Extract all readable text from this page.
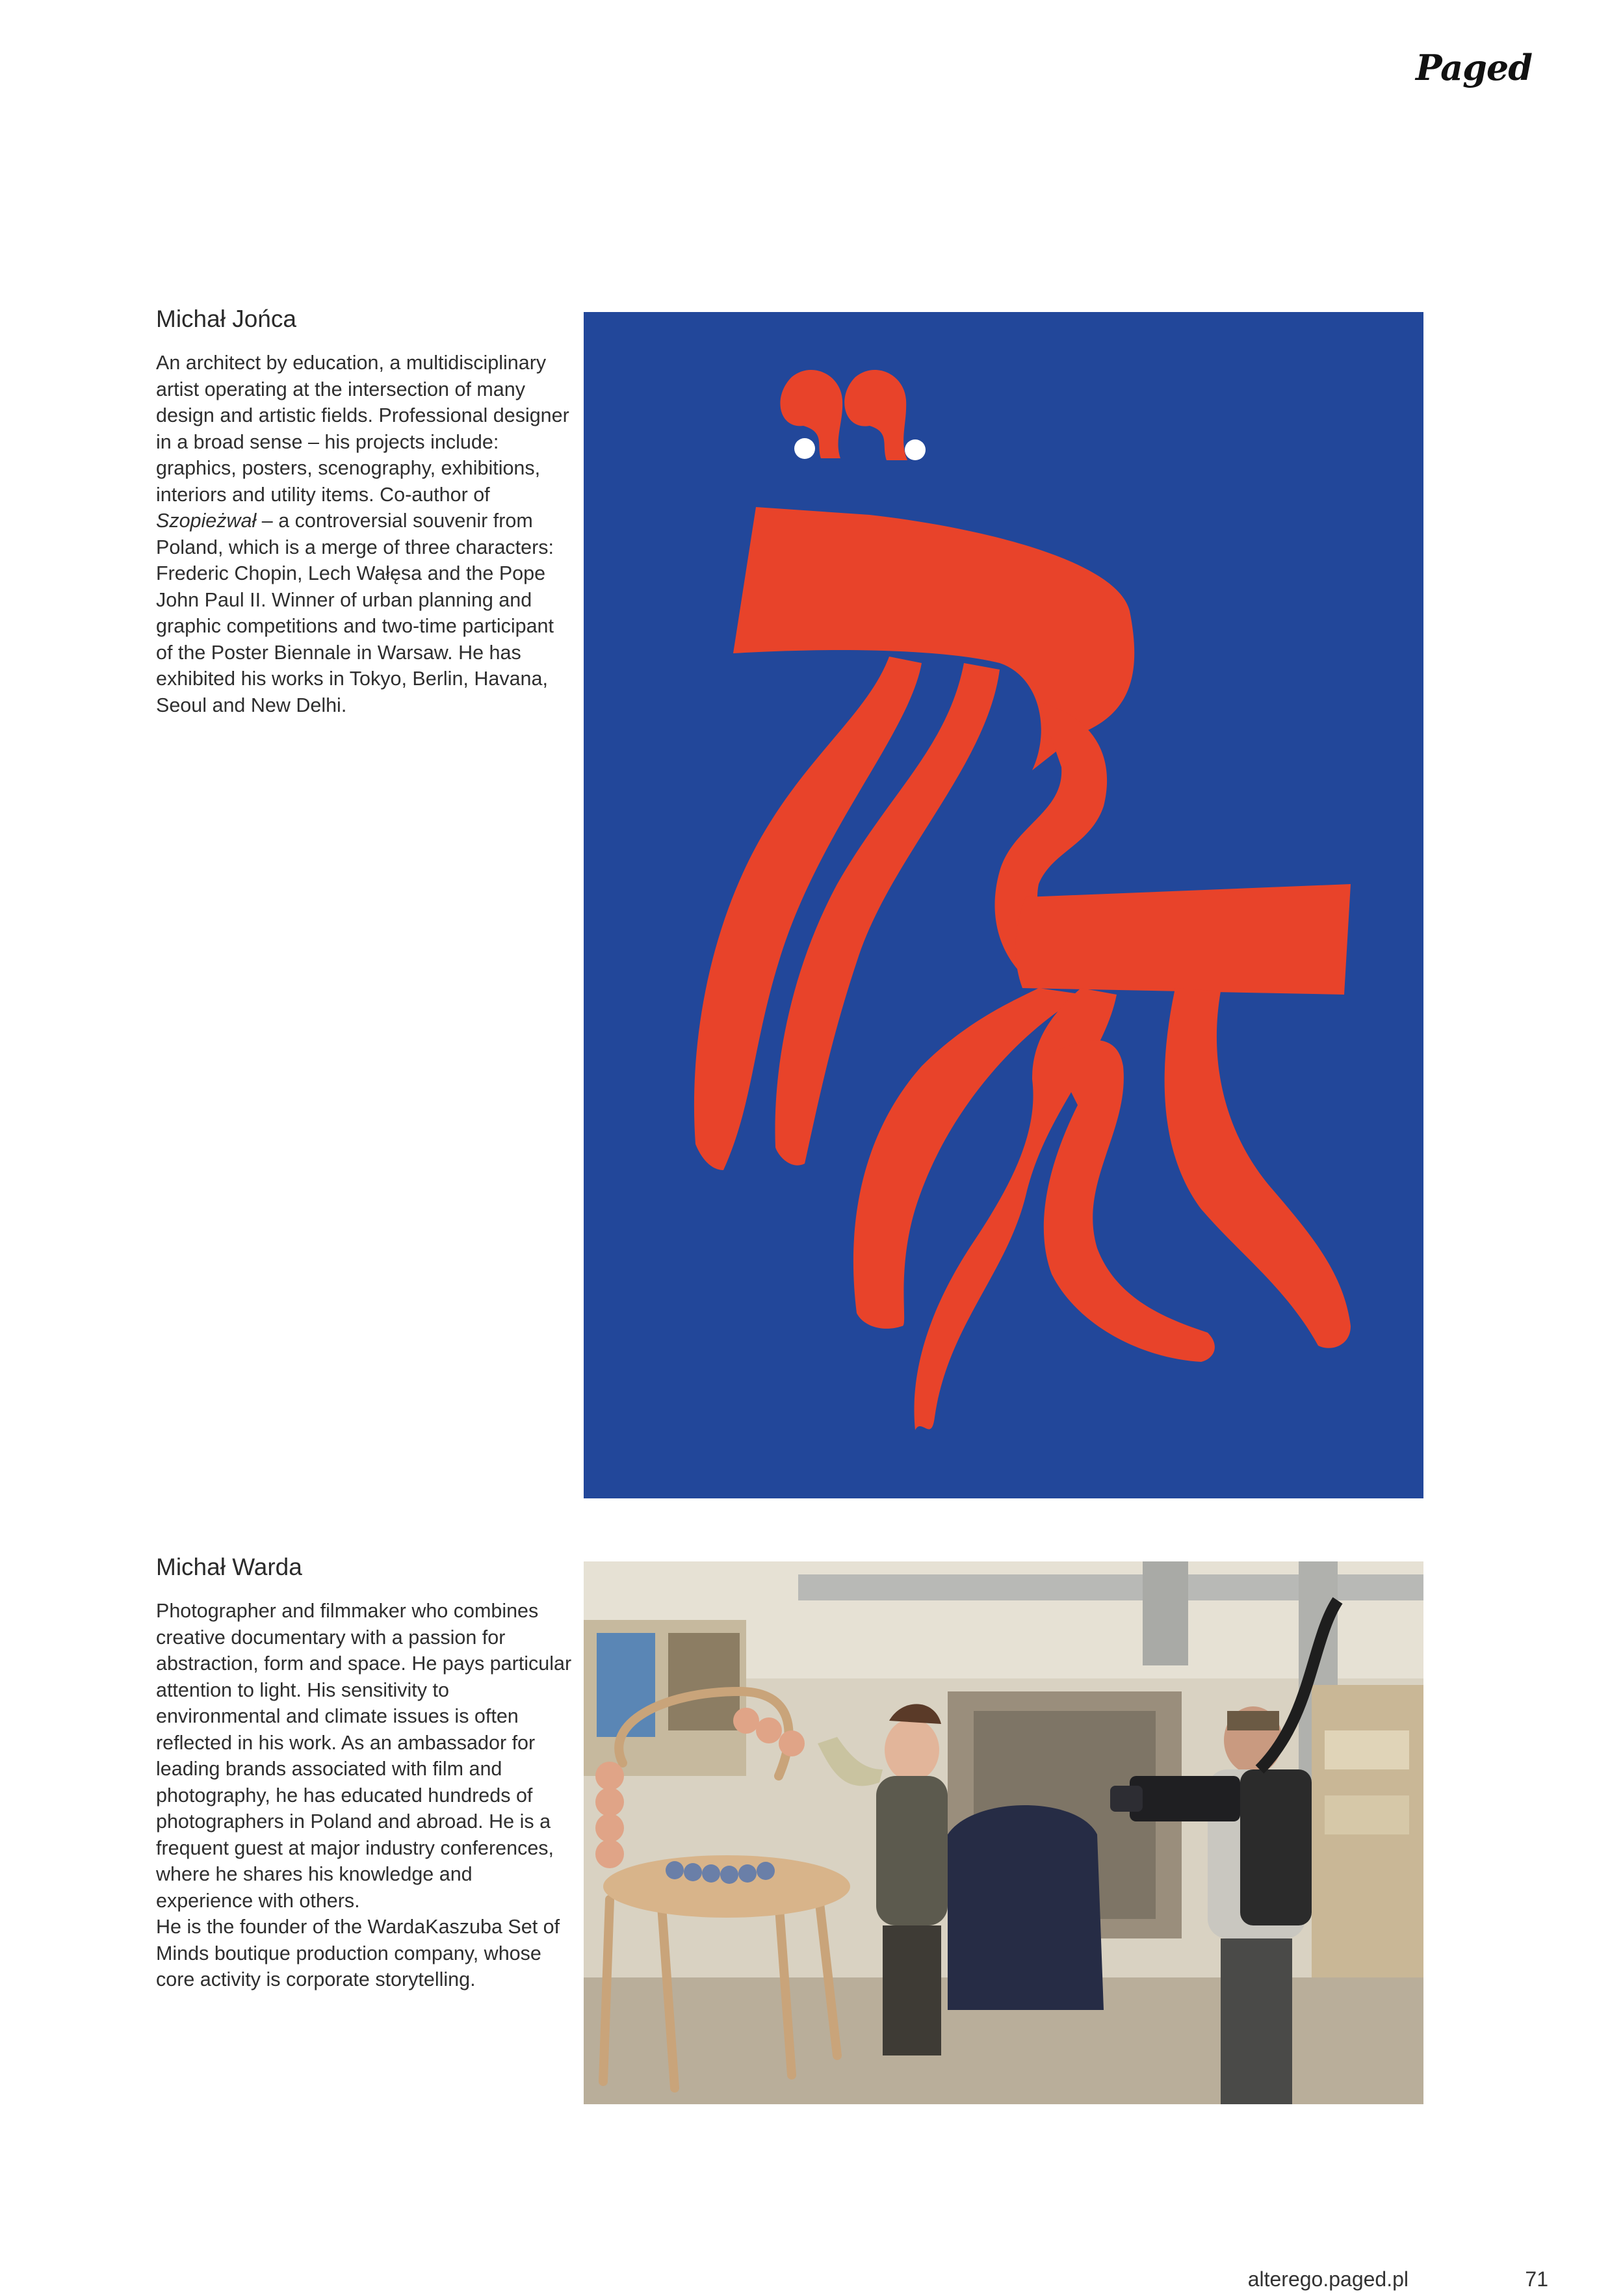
Paged
Michał Jońca

An architect by education, a multidisciplinary artist operating at the intersection of many design and artistic fields. Professional designer in a broad sense – his projects include: graphics, posters, scenography, exhibitions, interiors and utility items. Co-author of Szopieżwał – a controversial souvenir from Poland, which is a merge of three characters: Frederic Chopin, Lech Wałęsa and the Pope John Paul II. Winner of urban planning and graphic competitions and two-time participant of the Poster Biennale in Warsaw. He has exhibited his works in Tokyo, Berlin, Havana, Seoul and New Delhi.

Michał Warda
Photographer and filmmaker who combines creative documentary with a passion for abstraction, form and space. He pays particular attention to light. His sensitivity to environmental and climate issues is often reflected in his work. As an ambassador for leading brands associated with film and photography, he has educated hundreds of photographers in Poland and abroad. He is a frequent guest at major industry conferences, where he shares his knowledge and experience with others.
He is the founder of the WardaKaszuba Set of Minds boutique production company, whose core activity is corporate storytelling.
alterego.paged.pl	71
